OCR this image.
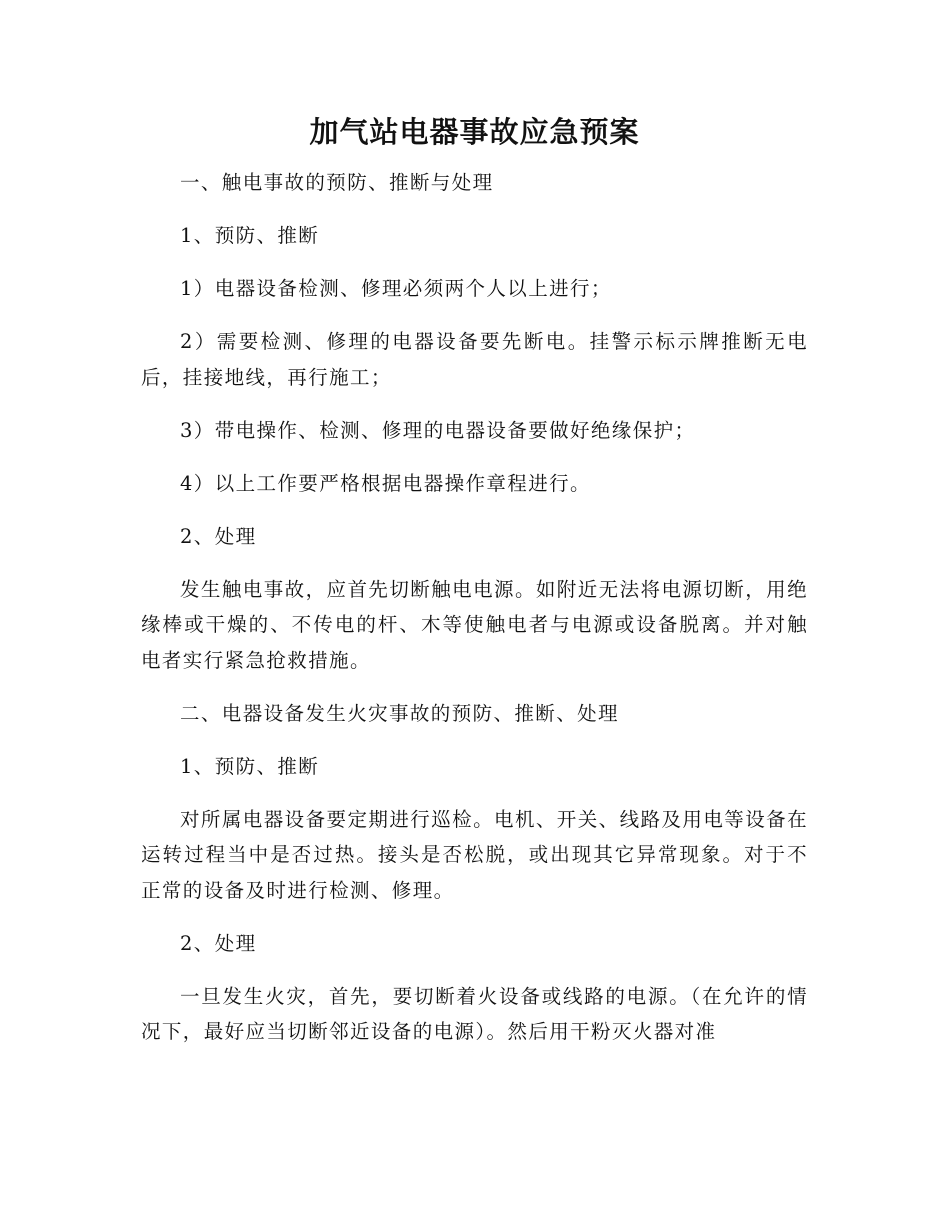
加气站电器事故应急预案

一、触电事故的预防、推断与处理

1、预防、推断

1）电器设备检测、修理必须两个人以上进行；

2）需要检测、修理的电器设备要先断电。挂警示标示牌推断无电后，挂接地线，再行施工；

3）带电操作、检测、修理的电器设备要做好绝缘保护；

4）以上工作要严格根据电器操作章程进行。

2、处理

发生触电事故，应首先切断触电电源。如附近无法将电源切断，用绝缘棒或干燥的、不传电的杆、木等使触电者与电源或设备脱离。并对触电者实行紧急抢救措施。

二、电器设备发生火灾事故的预防、推断、处理

1、预防、推断

对所属电器设备要定期进行巡检。电机、开关、线路及用电等设备在运转过程当中是否过热。接头是否松脱，或出现其它异常现象。对于不正常的设备及时进行检测、修理。

2、处理

一旦发生火灾，首先，要切断着火设备或线路的电源。（在允许的情况下，最好应当切断邻近设备的电源）。然后用干粉灭火器对准
